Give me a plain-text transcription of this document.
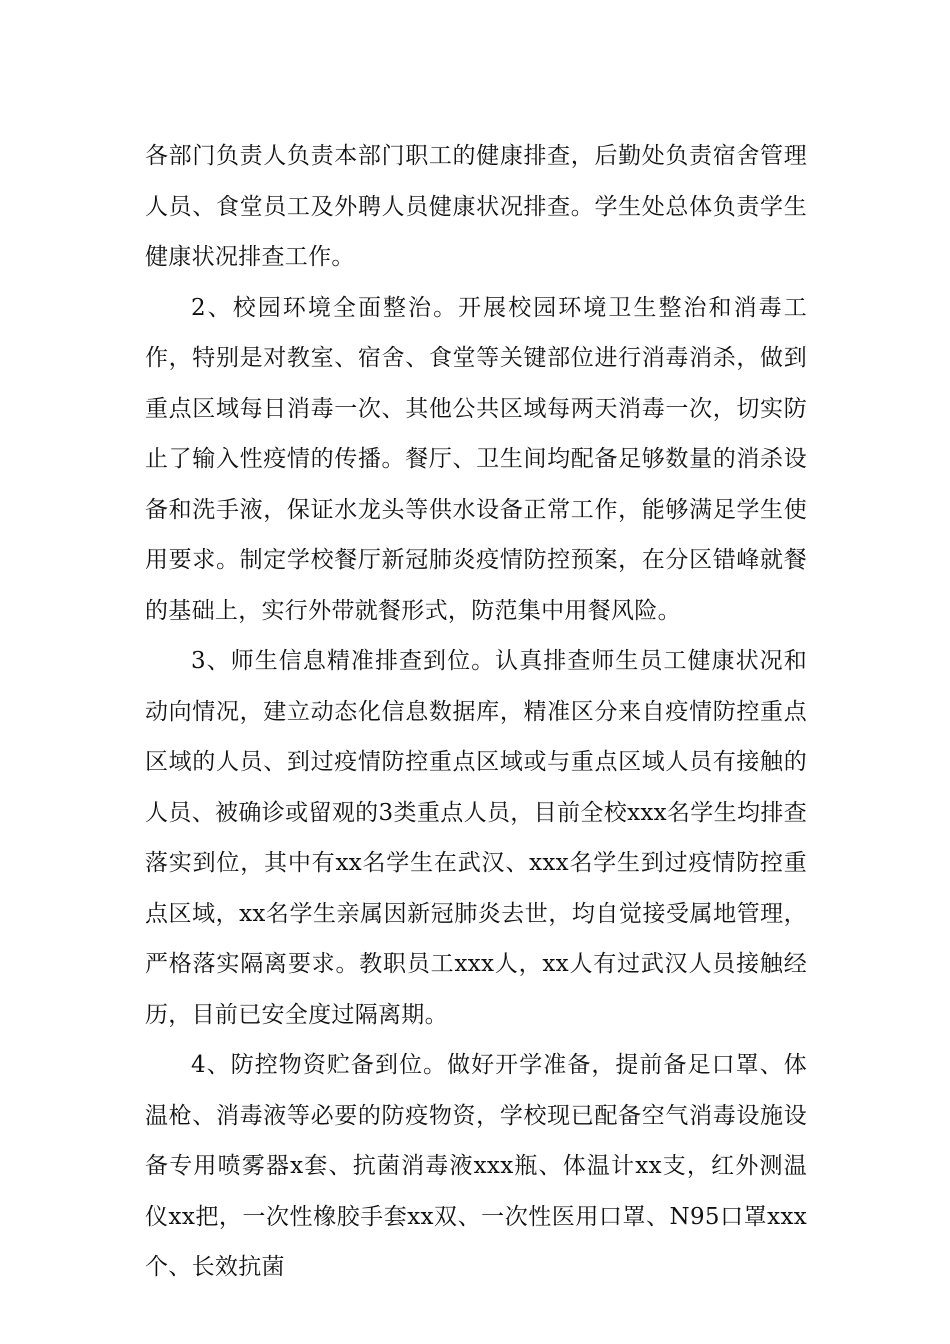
各部门负责人负责本部门职工的健康排查，后勤处负责宿舍管理人员、食堂员工及外聘人员健康状况排查。学生处总体负责学生健康状况排查工作。

2、校园环境全面整治。开展校园环境卫生整治和消毒工作，特别是对教室、宿舍、食堂等关键部位进行消毒消杀，做到重点区域每日消毒一次、其他公共区域每两天消毒一次，切实防止了输入性疫情的传播。餐厅、卫生间均配备足够数量的消杀设备和洗手液，保证水龙头等供水设备正常工作，能够满足学生使用要求。制定学校餐厅新冠肺炎疫情防控预案，在分区错峰就餐的基础上，实行外带就餐形式，防范集中用餐风险。

3、师生信息精准排查到位。认真排查师生员工健康状况和动向情况，建立动态化信息数据库，精准区分来自疫情防控重点区域的人员、到过疫情防控重点区域或与重点区域人员有接触的人员、被确诊或留观的3类重点人员，目前全校xxx名学生均排查落实到位，其中有xx名学生在武汉、xxx名学生到过疫情防控重点区域，xx名学生亲属因新冠肺炎去世，均自觉接受属地管理，严格落实隔离要求。教职员工xxx人，xx人有过武汉人员接触经历，目前已安全度过隔离期。

4、防控物资贮备到位。做好开学准备，提前备足口罩、体温枪、消毒液等必要的防疫物资，学校现已配备空气消毒设施设备专用喷雾器x套、抗菌消毒液xxx瓶、体温计xx支，红外测温仪xx把，一次性橡胶手套xx双、一次性医用口罩、N95口罩xxx个、长效抗菌
